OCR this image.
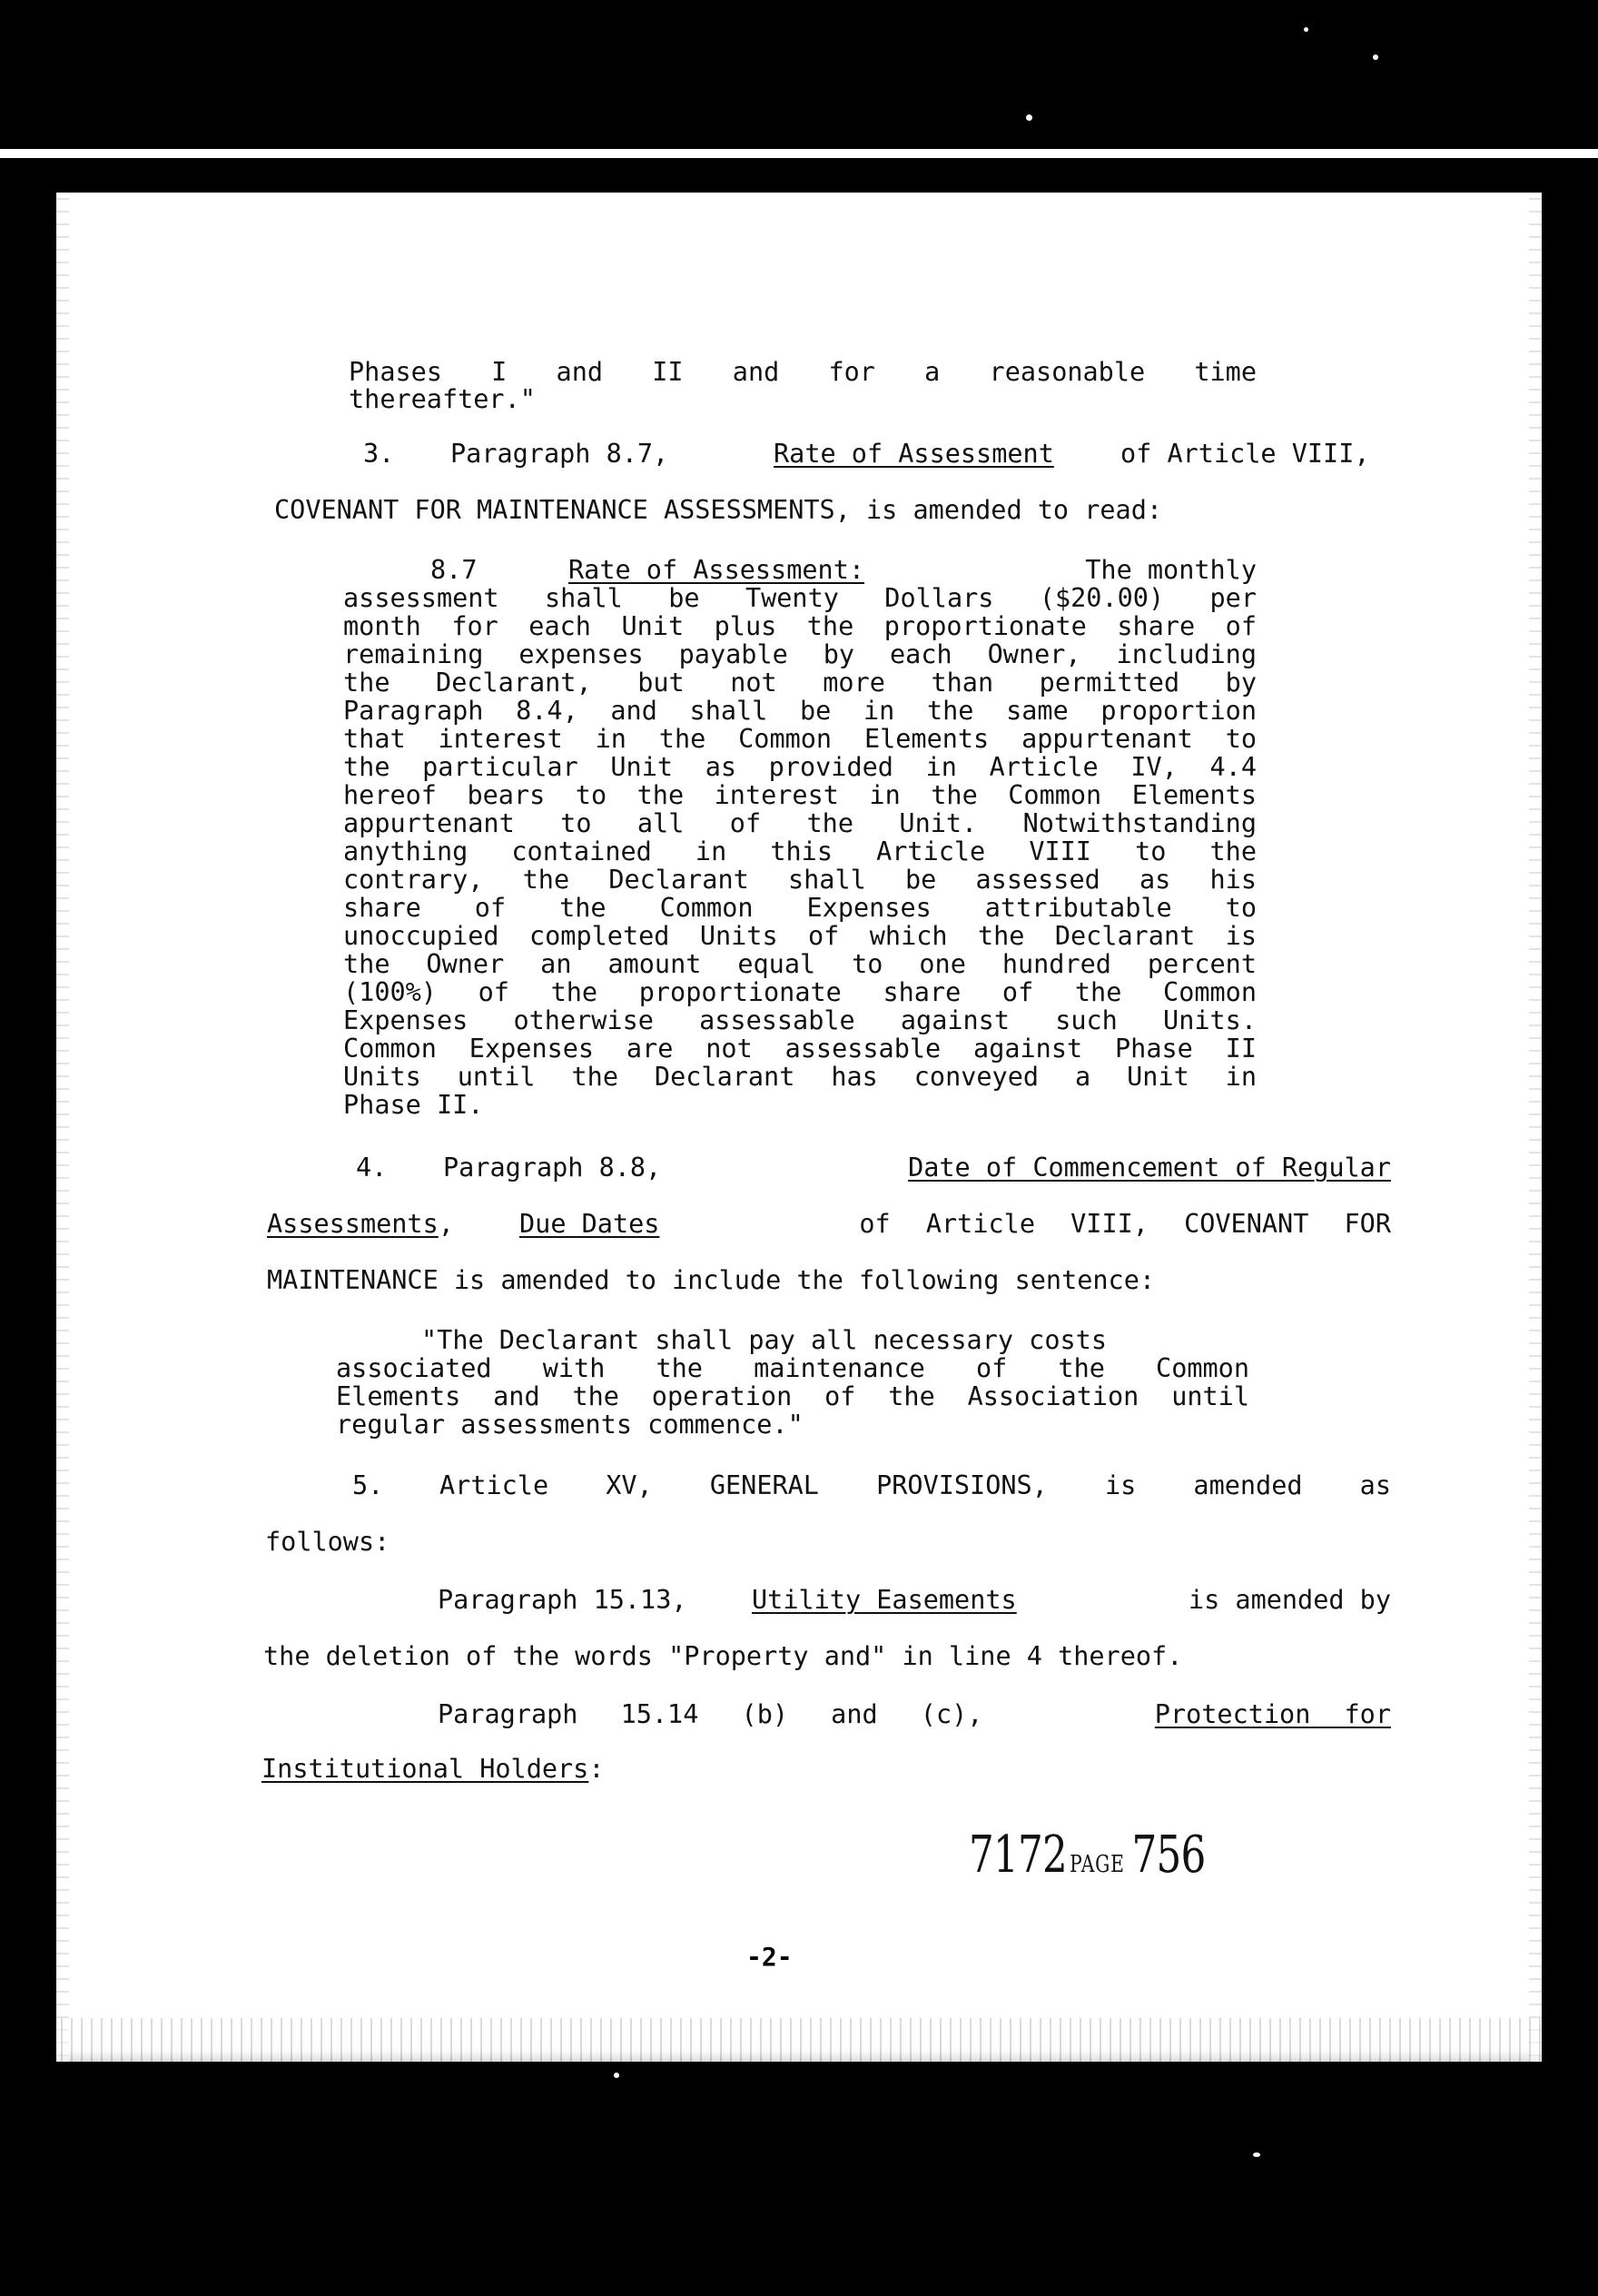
Phases I and II and for a reasonable time

thereafter."

3. Paragraph 8.7,	Rate of Assessment	of Article VIII,

COVENANT FOR MAINTENANCE ASSESSMENTS, is amended to read:

8.7	Rate of Assessment:	The monthly

assessment shall be Twenty Dollars ($20.00) per

month for each Unit plus the proportionate share of

remaining expenses payable by each Owner, including

the Declarant, but not more than permitted by

Paragraph 8.4, and shall be in the same proportion

that interest in the Common Elements appurtenant to

the particular Unit as provided in Article IV, 4.4

hereof bears to the interest in the Common Elements

appurtenant to all of the Unit. Notwithstanding

anything contained in this Article VIII to the

contrary, the Declarant shall be assessed as his

share of the Common Expenses attributable to

unoccupied completed Units of which the Declarant is

the Owner an amount equal to one hundred percent

(100%) of the proportionate share of the Common

Expenses otherwise assessable against such Units.

Common Expenses are not assessable against Phase II

Units until the Declarant has conveyed a Unit in

Phase II.

4. Paragraph 8.8,	Date of Commencement of Regular
Assessments,	Due Dates	of Article VIII, COVENANT FOR

MAINTENANCE is amended to include the following sentence:

"The Declarant shall pay all necessary costs

associated with the maintenance of the Common

Elements and the operation of the Association until

regular assessments commence."

5. Article XV, GENERAL PROVISIONS, is amended as

follows:

Paragraph 15.13,	Utility Easements	is amended by

the deletion of the words "Property and" in line 4 thereof.

Paragraph 15.14 (b) and (c),	Protection for
Institutional Holders:
7172 PAGE 756
-2-
